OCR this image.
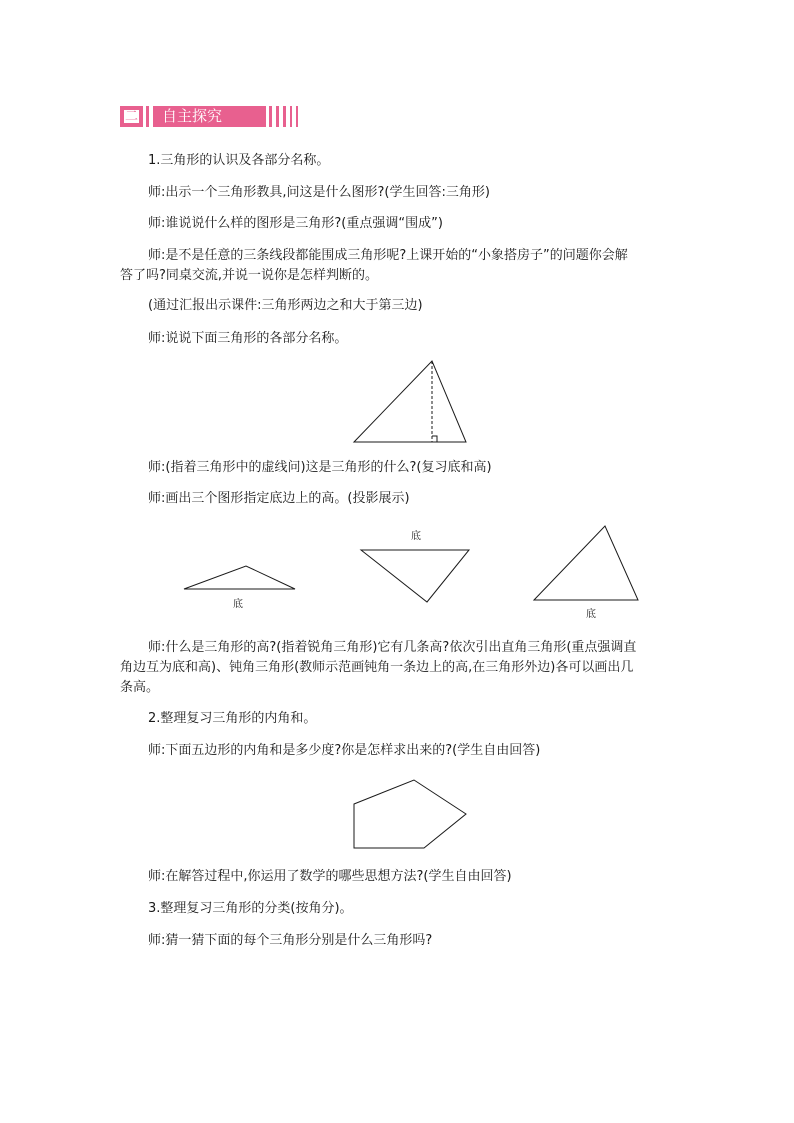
二 自主探究
1.三角形的认识及各部分名称。
师:出示一个三角形教具,问这是什么图形?(学生回答:三角形)
师:谁说说什么样的图形是三角形?(重点强调“围成”)
师:是不是任意的三条线段都能围成三角形呢?上课开始的“小象搭房子”的问题你会解
答了吗?同桌交流,并说一说你是怎样判断的。
(通过汇报出示课件:三角形两边之和大于第三边)
师:说说下面三角形的各部分名称。
师:(指着三角形中的虚线问)这是三角形的什么?(复习底和高)
师:画出三个图形指定底边上的高。(投影展示)
底
底
底
师:什么是三角形的高?(指着锐角三角形)它有几条高?依次引出直角三角形(重点强调直
角边互为底和高)、钝角三角形(教师示范画钝角一条边上的高,在三角形外边)各可以画出几
条高。
2.整理复习三角形的内角和。
师:下面五边形的内角和是多少度?你是怎样求出来的?(学生自由回答)
师:在解答过程中,你运用了数学的哪些思想方法?(学生自由回答)
3.整理复习三角形的分类(按角分)。
师:猜一猜下面的每个三角形分别是什么三角形吗?
